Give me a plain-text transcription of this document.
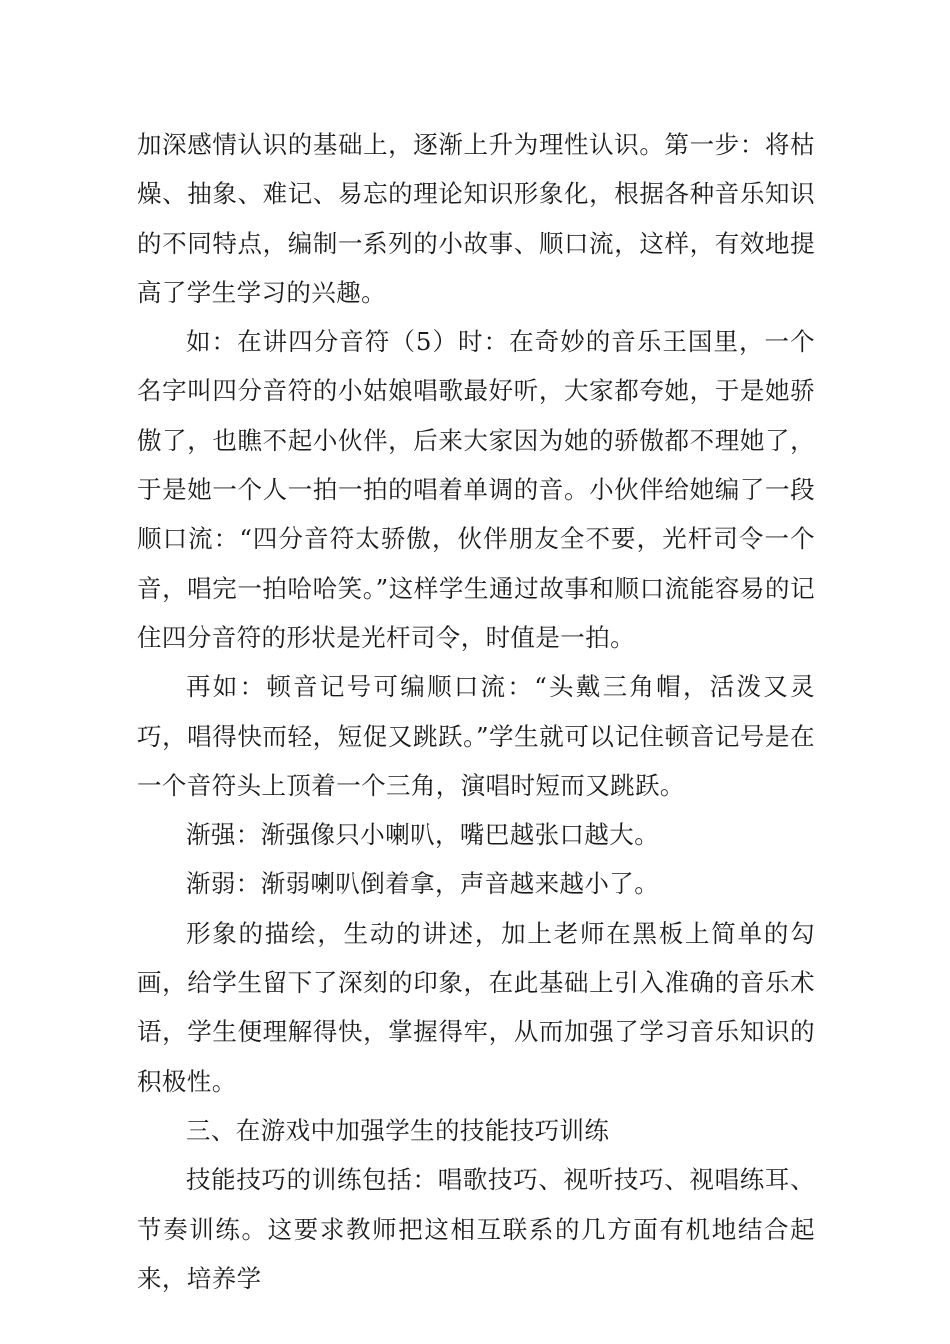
加深感情认识的基础上，逐渐上升为理性认识。第一步：将枯燥、抽象、难记、易忘的理论知识形象化，根据各种音乐知识的不同特点，编制一系列的小故事、顺口流，这样，有效地提高了学生学习的兴趣。

如：在讲四分音符（5）时：在奇妙的音乐王国里，一个名字叫四分音符的小姑娘唱歌最好听，大家都夸她，于是她骄傲了，也瞧不起小伙伴，后来大家因为她的骄傲都不理她了，于是她一个人一拍一拍的唱着单调的音。小伙伴给她编了一段顺口流：“四分音符太骄傲，伙伴朋友全不要，光杆司令一个音，唱完一拍哈哈笑。”这样学生通过故事和顺口流能容易的记住四分音符的形状是光杆司令，时值是一拍。

再如：顿音记号可编顺口流：“头戴三角帽，活泼又灵巧，唱得快而轻，短促又跳跃。”学生就可以记住顿音记号是在一个音符头上顶着一个三角，演唱时短而又跳跃。

渐强：渐强像只小喇叭，嘴巴越张口越大。

渐弱：渐弱喇叭倒着拿，声音越来越小了。

形象的描绘，生动的讲述，加上老师在黑板上简单的勾画，给学生留下了深刻的印象，在此基础上引入准确的音乐术语，学生便理解得快，掌握得牢，从而加强了学习音乐知识的积极性。

三、在游戏中加强学生的技能技巧训练

技能技巧的训练包括：唱歌技巧、视听技巧、视唱练耳、节奏训练。这要求教师把这相互联系的几方面有机地结合起来，培养学
